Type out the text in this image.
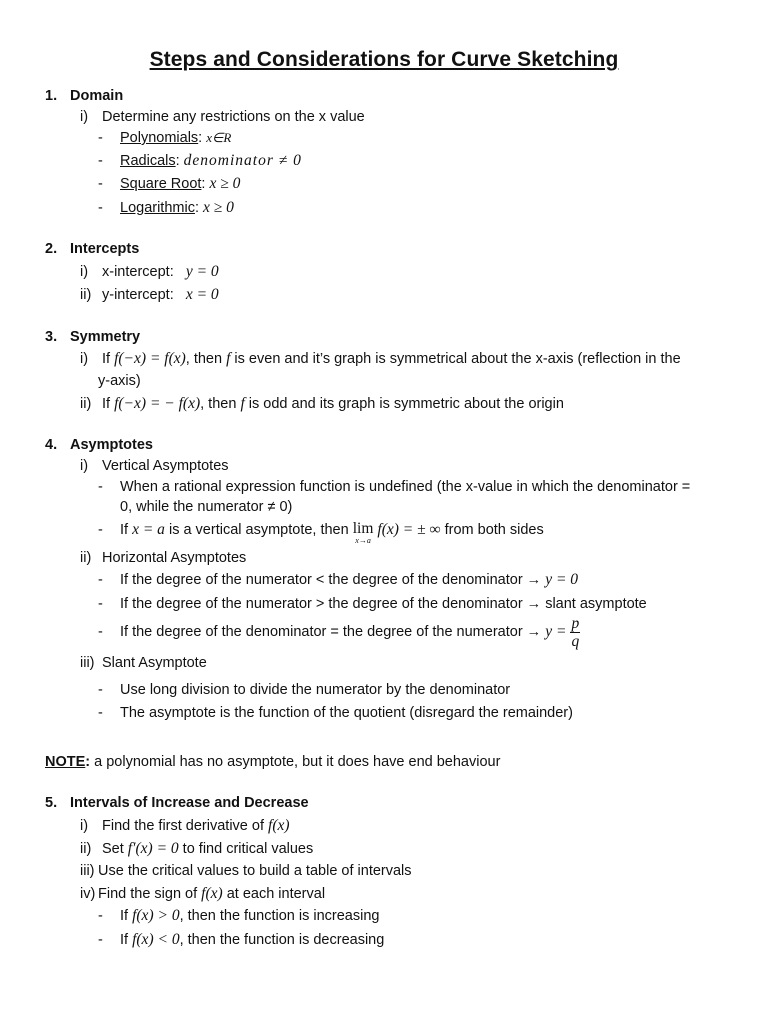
Steps and Considerations for Curve Sketching
1. Domain
i) Determine any restrictions on the x value
- Polynomials: x∈R
- Radicals: denominator ≠ 0
- Square Root: x ≥ 0
- Logarithmic: x ≥ 0
2. Intercepts
i) x-intercept: y = 0
ii) y-intercept: x = 0
3. Symmetry
i) If f(−x) = f(x), then f is even and it’s graph is symmetrical about the x-axis (reflection in the
y-axis)
ii) If f(−x) = − f(x), then f is odd and its graph is symmetric about the origin
4. Asymptotes
i) Vertical Asymptotes
- When a rational expression function is undefined (the x-value in which the denominator =
0, while the numerator ≠ 0)
- If x = a is a vertical asymptote, then lim
x→a
f(x) = ± ∞ from both sides
ii) Horizontal Asymptotes
- If the degree of the numerator < the degree of the denominator → y = 0
- If the degree of the numerator > the degree of the denominator → slant asymptote
- If the degree of the denominator = the degree of the numerator → $y = \frac{p}{q}$
iii) Slant Asymptote
- Use long division to divide the numerator by the denominator
- The asymptote is the function of the quotient (disregard the remainder)
NOTE: a polynomial has no asymptote, but it does have end behaviour
5. Intervals of Increase and Decrease
i) Find the first derivative of f(x)
ii) Set f′(x) = 0 to find critical values
iii) Use the critical values to build a table of intervals
iv) Find the sign of f(x) at each interval
- If f(x) > 0, then the function is increasing
- If f(x) < 0, then the function is decreasing
